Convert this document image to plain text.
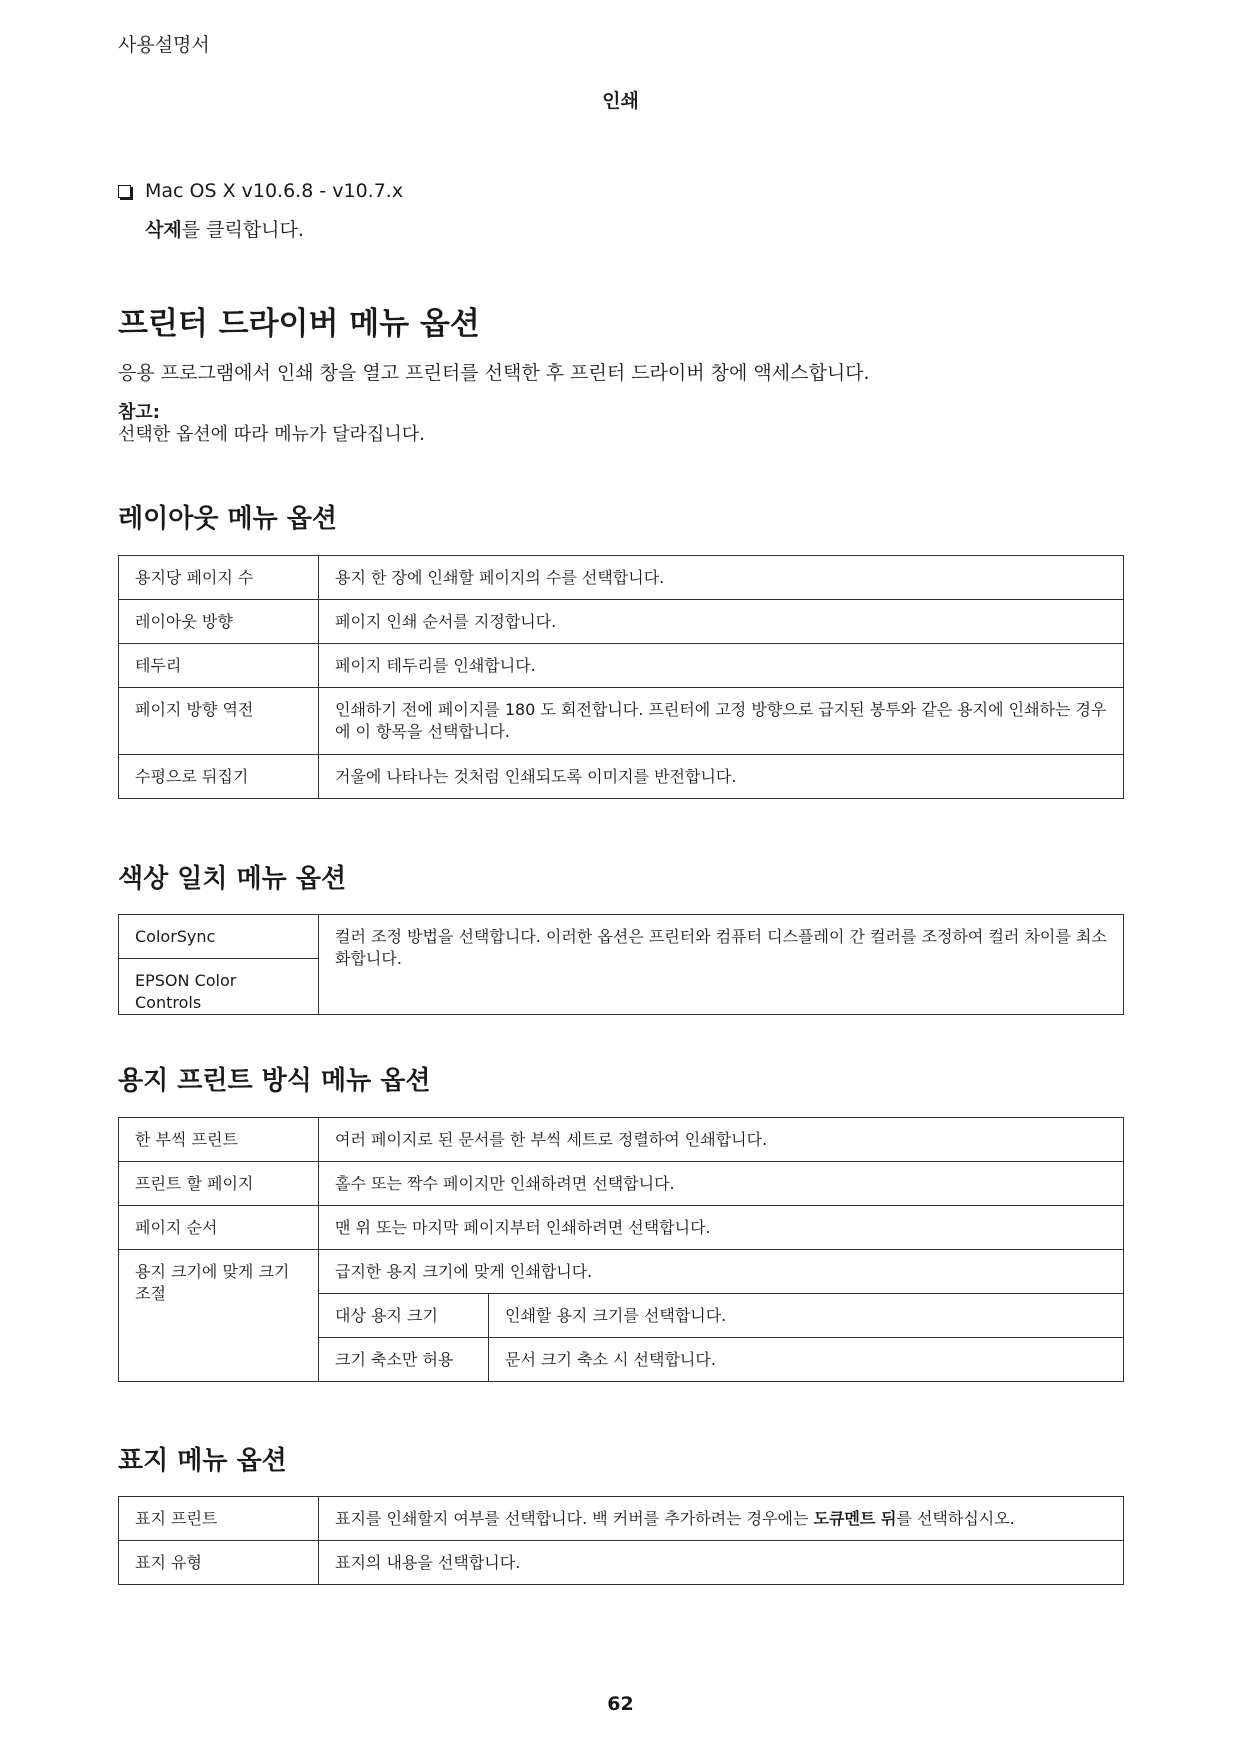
사용설명서
인쇄
Mac OS X v10.6.8 - v10.7.x
삭제를 클릭합니다.
프린터 드라이버 메뉴 옵션
응용 프로그램에서 인쇄 창을 열고 프린터를 선택한 후 프린터 드라이버 창에 액세스합니다.
참고:
선택한 옵션에 따라 메뉴가 달라집니다.
레이아웃 메뉴 옵션
용지당 페이지 수	용지 한 장에 인쇄할 페이지의 수를 선택합니다.
레이아웃 방향	페이지 인쇄 순서를 지정합니다.
테두리	페이지 테두리를 인쇄합니다.
페이지 방향 역전	인쇄하기 전에 페이지를 180 도 회전합니다. 프린터에 고정 방향으로 급지된 봉투와 같은 용지에 인쇄하는 경우에 이 항목을 선택합니다.
수평으로 뒤집기	거울에 나타나는 것처럼 인쇄되도록 이미지를 반전합니다.
색상 일치 메뉴 옵션
ColorSync	컬러 조정 방법을 선택합니다. 이러한 옵션은 프린터와 컴퓨터 디스플레이 간 컬러를 조정하여 컬러 차이를 최소화합니다.
EPSON Color Controls
용지 프린트 방식 메뉴 옵션
한 부씩 프린트	여러 페이지로 된 문서를 한 부씩 세트로 정렬하여 인쇄합니다.	
프린트 할 페이지	홀수 또는 짝수 페이지만 인쇄하려면 선택합니다.	
페이지 순서	맨 위 또는 마지막 페이지부터 인쇄하려면 선택합니다.	
용지 크기에 맞게 크기 조절	급지한 용지 크기에 맞게 인쇄합니다.	
	대상 용지 크기	인쇄할 용지 크기를 선택합니다.
	크기 축소만 허용	문서 크기 축소 시 선택합니다.
표지 메뉴 옵션
표지 프린트	표지를 인쇄할지 여부를 선택합니다. 백 커버를 추가하려는 경우에는 도큐멘트 뒤를 선택하십시오.
표지 유형	표지의 내용을 선택합니다.
62
